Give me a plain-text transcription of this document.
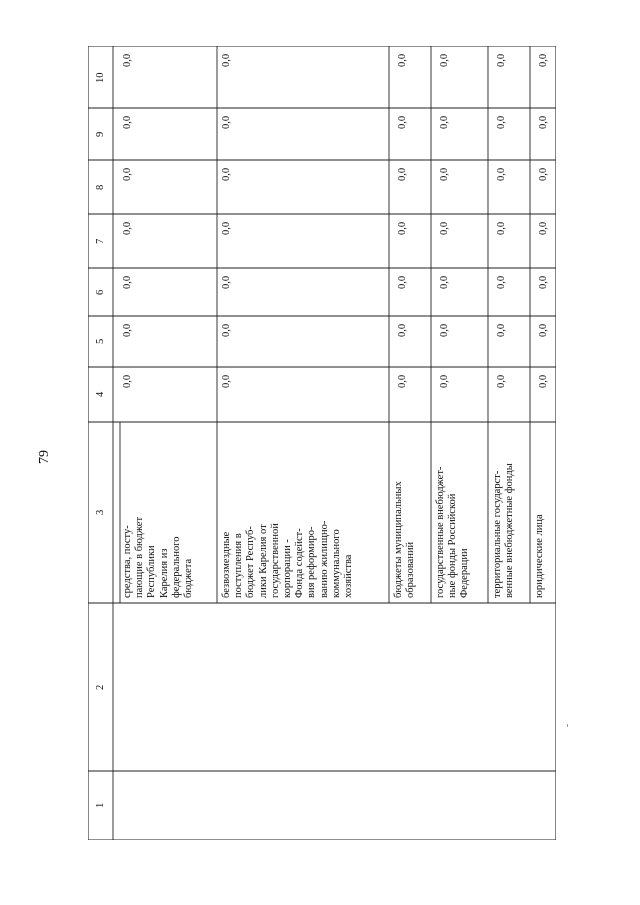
79
1
2
3
4
5
6
7
8
9
10
0,0
0,0
0,0
0,0
0,0
0,0
0,0
средства, посту- пающие в бюджет Республики Карелия из федерального бюджета
0,0
0,0
0,0
0,0
0,0
0,0
0,0
безвозмездные поступления в бюджет Респуб- лики Карелия от государственной корпорации - Фонда содейст- вия реформиро- ванию жилищно- коммунального хозяйства
0,0
0,0
0,0
0,0
0,0
0,0
0,0
бюджеты муниципальных образований
0,0
0,0
0,0
0,0
0,0
0,0
0,0
государственные внебюджет- ные фонды Российской Федерации
0,0
0,0
0,0
0,0
0,0
0,0
0,0
территориальные государст- венные внебюджетные фонды
0,0
0,0
0,0
0,0
0,0
0,0
0,0
юридические лица
